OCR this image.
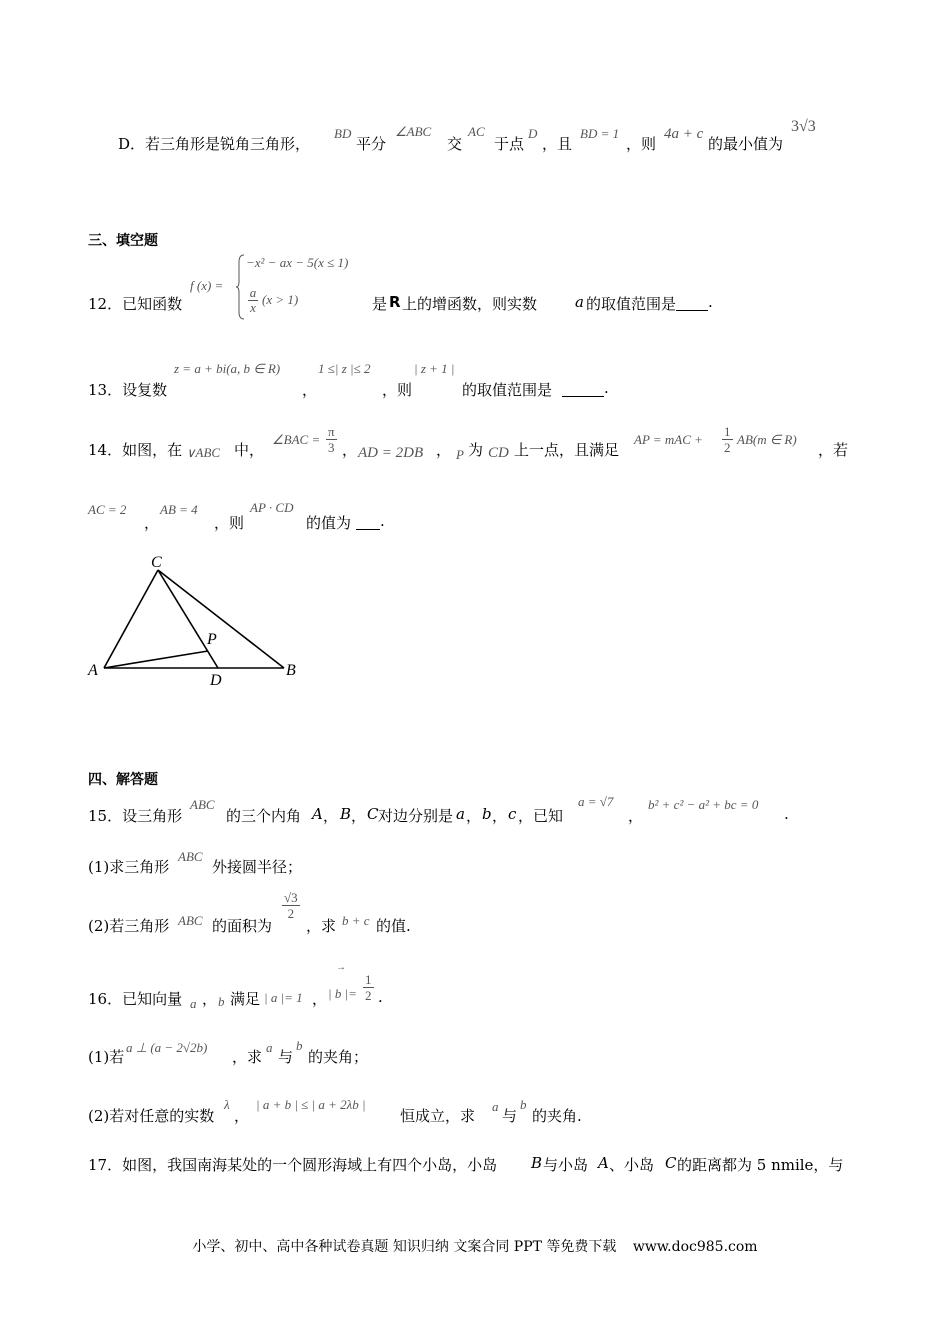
D．若三角形是锐角三角形，
BD
平分
∠ABC
交
AC
于点
D
，且
BD = 1
，则
4a + c
的最小值为
3√3
三、填空题
12．已知函数
f (x) =
−x² − ax − 5(x ≤ 1)
$\frac{a}{x} (x > 1)$	是 R 上的增函数，则实数	a 的取值范围是 .
13．设复数
z = a + bi(a, b ∈ R)
，
1 ≤| z |≤ 2
，则
| z + 1 |
的取值范围是	.
14．如图，在 ∨ABC 中，
∠BAC = $\frac{\pi}{3}$ ， AD = 2DB ， P 为 CD 上一点，且满足
AP = mAC + $\frac{1}{2} AB(m$ ∈ R)
，若
AC = 2
，
AB = 4
，则
AP · CD
的值为 .
C
P
A
D
B
四、解答题
15．设三角形
ABC
的三个内角 A ， B ， C 对边分别是 a ， b ， c ，已知
a = √7
，
b² + c² − a² + bc = 0
.
(1)求三角形
ABC
外接圆半径；
(2)若三角形 ABC 的面积为
$\frac{√3}{2}$
，求 b + c 的值.
16．已知向量 a ， b 满足 | a |= 1 ，
→
| b |= $\frac{1}{2}$ .
(1)若
a ⊥ (a − 2√2b)
，求
a
与
b
的夹角；
(2)若对任意的实数
λ
，
| a + b | ≤ | a + 2λb |
恒成立，求
a
与
b
的夹角.
17．如图，我国南海某处的一个圆形海域上有四个小岛，小岛 B 与小岛 A 、小岛 C 的距离都为 5 nmile，与
小学、初中、高中各种试卷真题 知识归纳 文案合同 PPT 等免费下载 www.doc985.com
